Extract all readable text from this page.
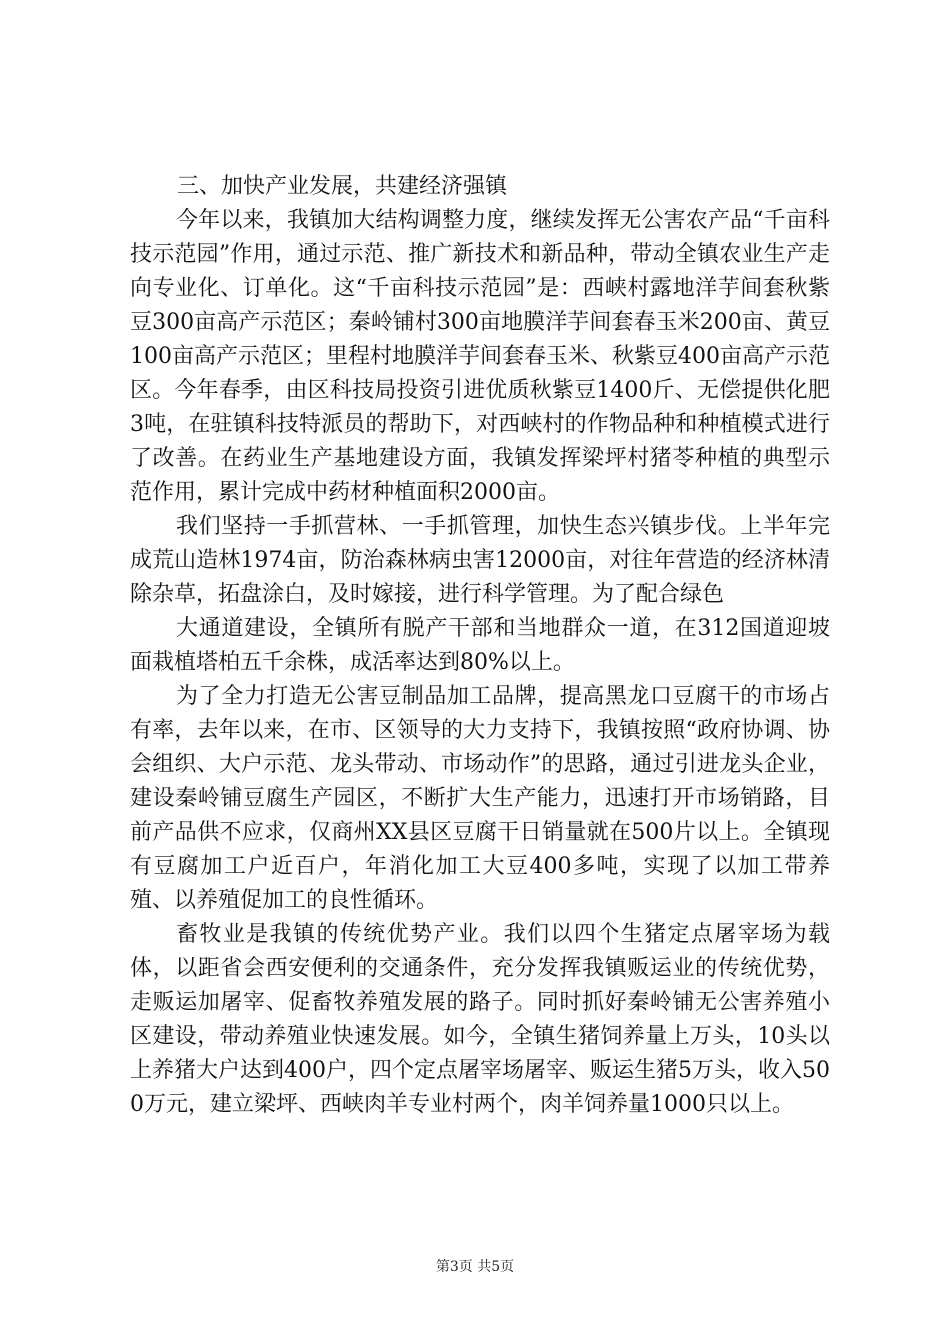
三、加快产业发展，共建经济强镇

今年以来，我镇加大结构调整力度，继续发挥无公害农产品“千亩科技示范园”作用，通过示范、推广新技术和新品种，带动全镇农业生产走向专业化、订单化。这“千亩科技示范园”是：西峡村露地洋芋间套秋紫豆300亩高产示范区；秦岭铺村300亩地膜洋芋间套春玉米200亩、黄豆100亩高产示范区；里程村地膜洋芋间套春玉米、秋紫豆400亩高产示范区。今年春季，由区科技局投资引进优质秋紫豆1400斤、无偿提供化肥3吨，在驻镇科技特派员的帮助下，对西峡村的作物品种和种植模式进行了改善。在药业生产基地建设方面，我镇发挥梁坪村猪苓种植的典型示范作用，累计完成中药材种植面积2000亩。

我们坚持一手抓营林、一手抓管理，加快生态兴镇步伐。上半年完成荒山造林1974亩，防治森林病虫害12000亩，对往年营造的经济林清除杂草，拓盘涂白，及时嫁接，进行科学管理。为了配合绿色

大通道建设，全镇所有脱产干部和当地群众一道，在312国道迎坡面栽植塔柏五千余株，成活率达到80%以上。

为了全力打造无公害豆制品加工品牌，提高黑龙口豆腐干的市场占有率，去年以来，在市、区领导的大力支持下，我镇按照“政府协调、协会组织、大户示范、龙头带动、市场动作”的思路，通过引进龙头企业，建设秦岭铺豆腐生产园区，不断扩大生产能力，迅速打开市场销路，目前产品供不应求，仅商州XX县区豆腐干日销量就在500片以上。全镇现有豆腐加工户近百户，年消化加工大豆400多吨，实现了以加工带养殖、以养殖促加工的良性循环。

畜牧业是我镇的传统优势产业。我们以四个生猪定点屠宰场为载体，以距省会西安便利的交通条件，充分发挥我镇贩运业的传统优势，走贩运加屠宰、促畜牧养殖发展的路子。同时抓好秦岭铺无公害养殖小区建设，带动养殖业快速发展。如今，全镇生猪饲养量上万头，10头以上养猪大户达到400户，四个定点屠宰场屠宰、贩运生猪5万头，收入500万元，建立梁坪、西峡肉羊专业村两个，肉羊饲养量1000只以上。

第3页 共5页
